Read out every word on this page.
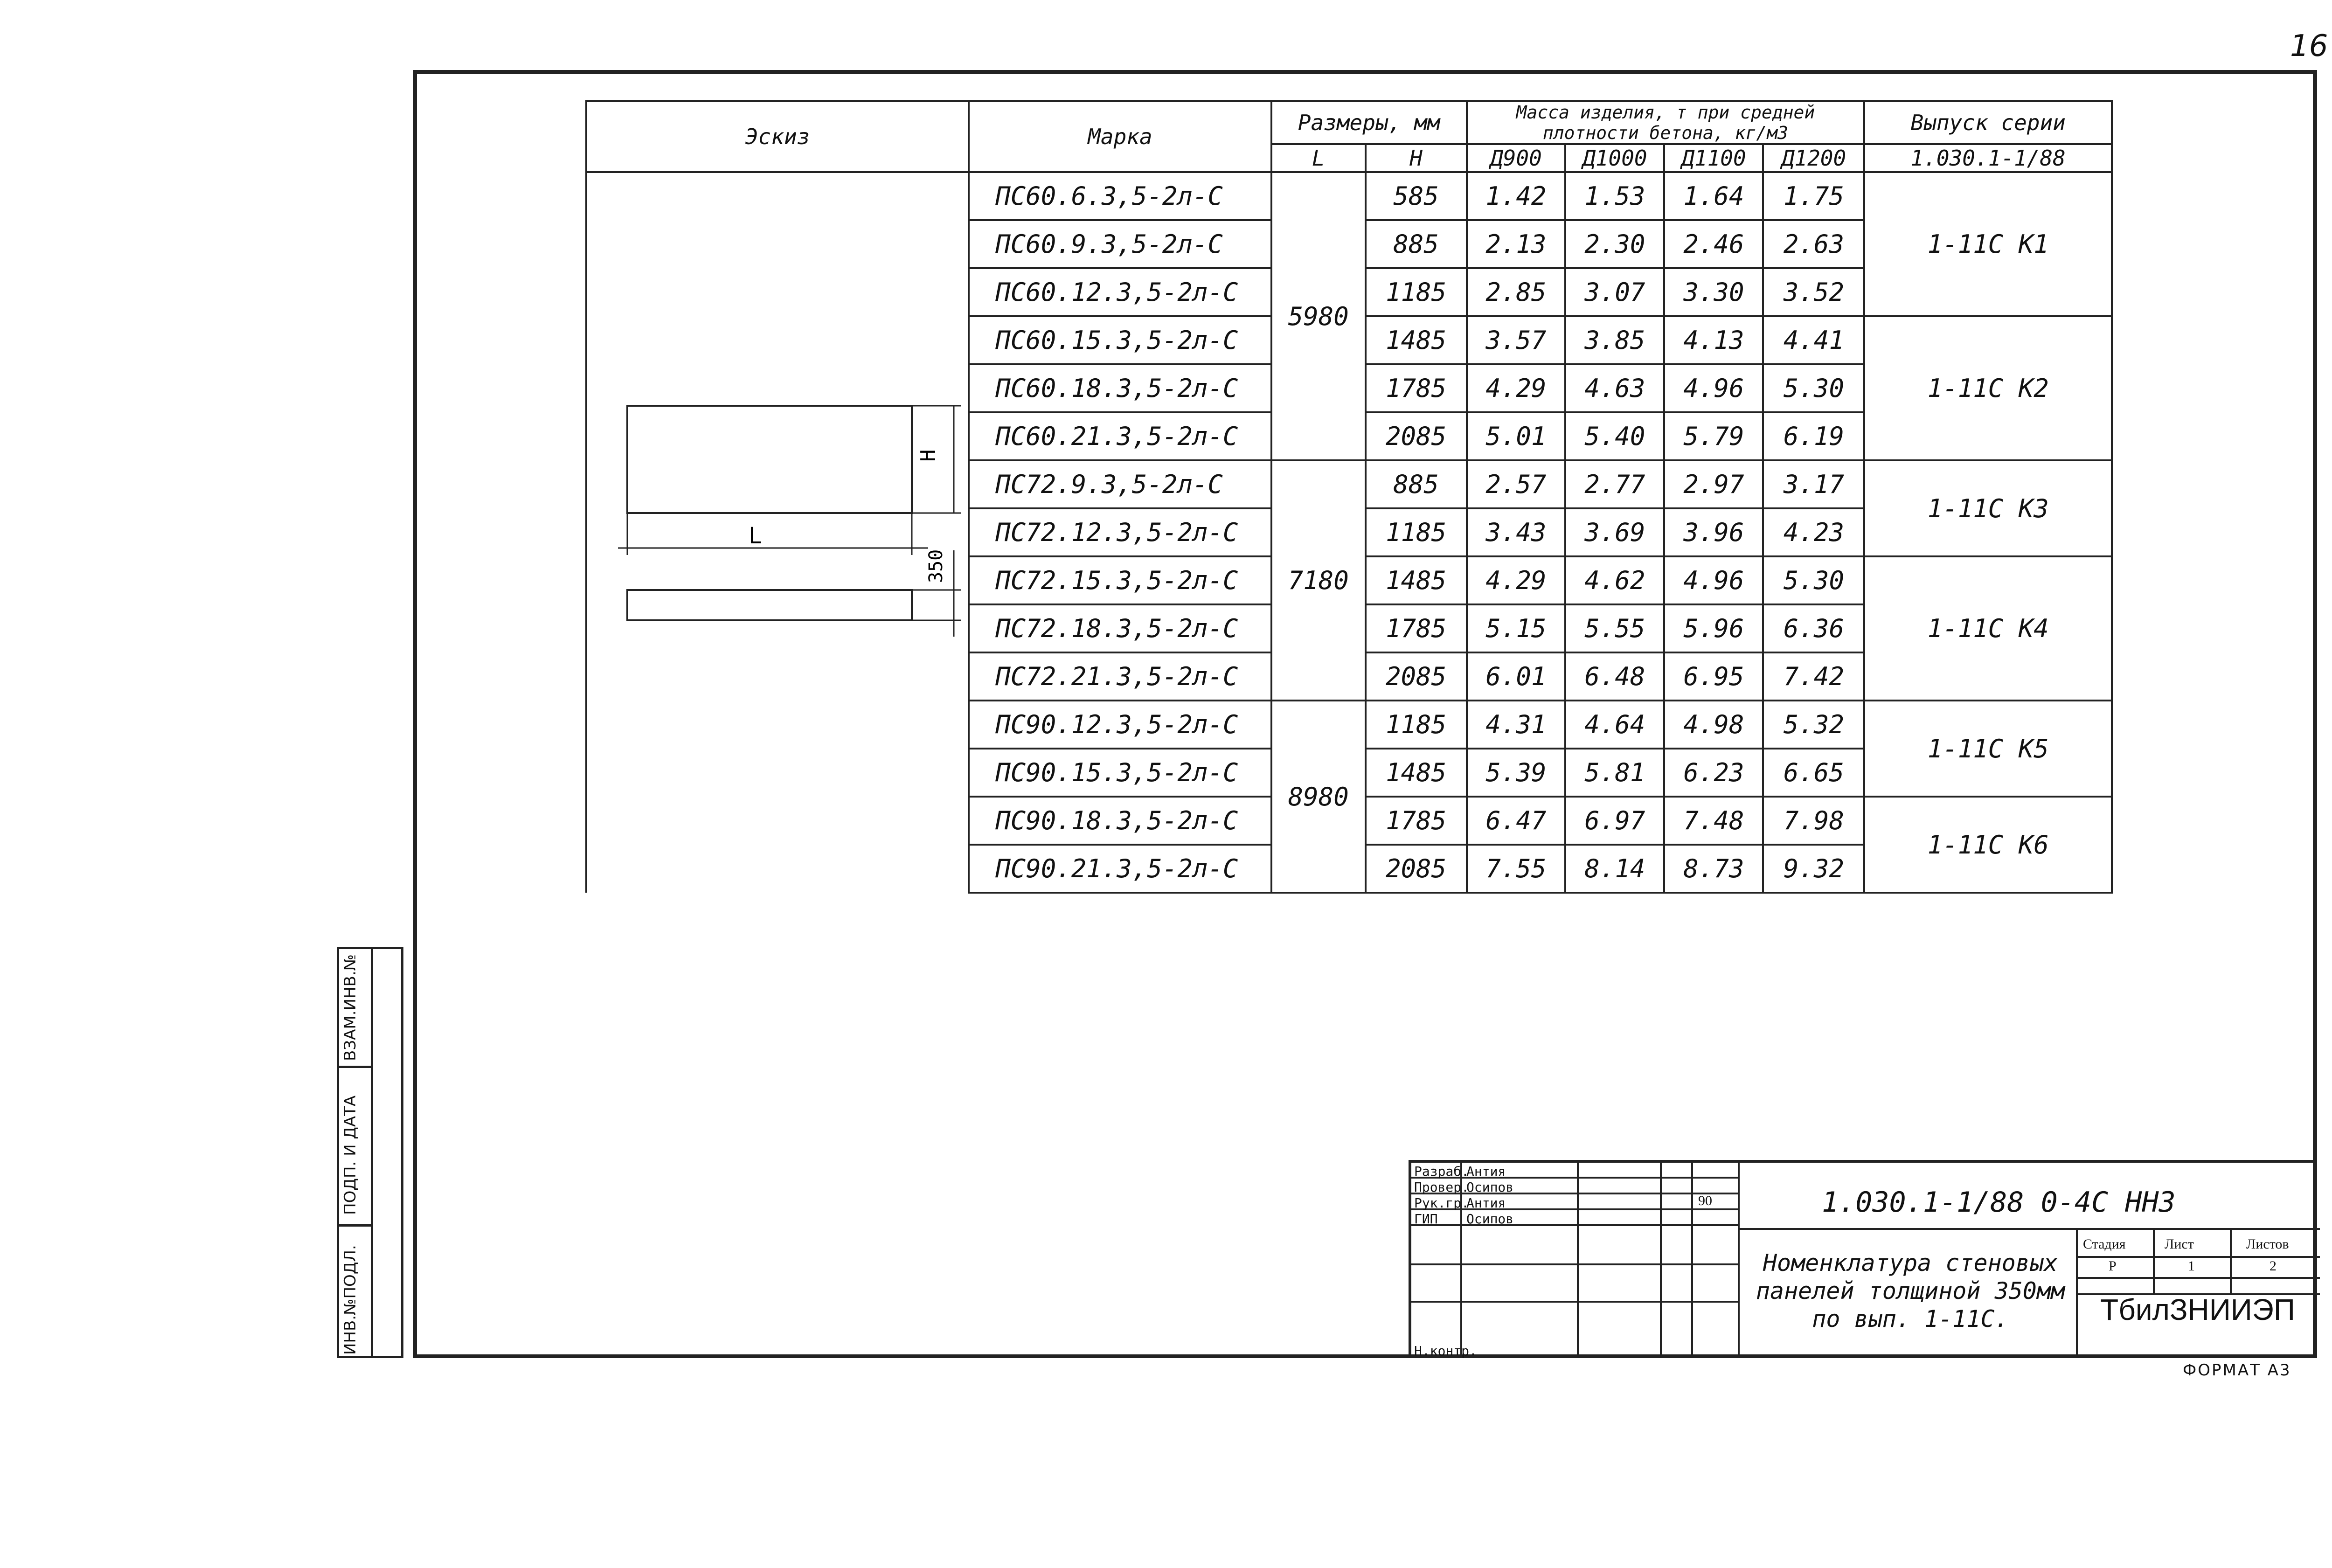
16
ВЗАМ.ИНВ.№
ПОДП. И ДАТА
ИНВ.№ПОДЛ.
Эскиз	Марка	Размеры, мм		Масса изделия, т при средней плотности бетона, кг/м3				Выпуск серии
		L	H	Д900	Д1000	Д1100	Д1200	1.030.1-1/88
	ПС60.6.3,5-2л-С	5980	585	1.42	1.53	1.64	1.75	1-11С К1
	ПС60.9.3,5-2л-С		885	2.13	2.30	2.46	2.63	
	ПС60.12.3,5-2л-С		1185	2.85	3.07	3.30	3.52	
	ПС60.15.3,5-2л-С		1485	3.57	3.85	4.13	4.41	1-11С К2
	ПС60.18.3,5-2л-С		1785	4.29	4.63	4.96	5.30	
	ПС60.21.3,5-2л-С		2085	5.01	5.40	5.79	6.19	
	ПС72.9.3,5-2л-С	7180	885	2.57	2.77	2.97	3.17	1-11С К3
	ПС72.12.3,5-2л-С		1185	3.43	3.69	3.96	4.23	
	ПС72.15.3,5-2л-С		1485	4.29	4.62	4.96	5.30	1-11С К4
	ПС72.18.3,5-2л-С		1785	5.15	5.55	5.96	6.36	
	ПС72.21.3,5-2л-С		2085	6.01	6.48	6.95	7.42	
	ПС90.12.3,5-2л-С	8980	1185	4.31	4.64	4.98	5.32	1-11С К5
	ПС90.15.3,5-2л-С		1485	5.39	5.81	6.23	6.65	
	ПС90.18.3,5-2л-С		1785	6.47	6.97	7.48	7.98	1-11С К6
	ПС90.21.3,5-2л-С		2085	7.55	8.14	8.73	9.32	
H
L
350
Разраб.
Антия
Провер.
Осипов
Рук.гр.
Антия
ГИП Осипов
Н.контр.
Стадия	Лист	Листов
Р	1	2
90	1.030.1-1/88 0-4С НН3
Номенклатура стеновых
панелей толщиной 350мм
по вып. 1-11С.	ТбилЗНИИЭП
ФОРМАТ А3
